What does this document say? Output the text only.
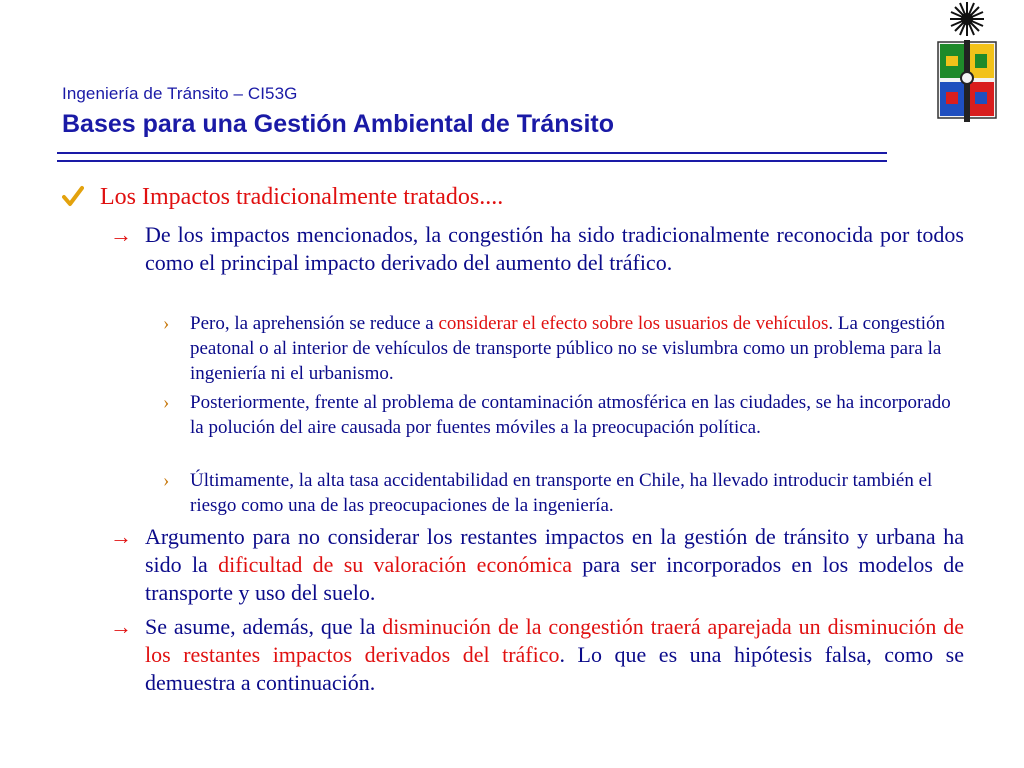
Ingeniería de Tránsito – CI53G
Bases para una Gestión Ambiental de Tránsito
Los Impactos tradicionalmente tratados....
→ De los impactos mencionados, la congestión ha sido tradicionalmente reconocida por todos como el principal impacto derivado del aumento del tráfico.
› Pero, la aprehensión se reduce a considerar el efecto sobre los usuarios de vehículos. La congestión peatonal o al interior de vehículos de transporte público no se vislumbra como un problema para la ingeniería ni el urbanismo.
› Posteriormente, frente al problema de contaminación atmosférica en las ciudades, se ha incorporado la polución del aire causada por fuentes móviles a la preocupación política.
› Últimamente, la alta tasa accidentabilidad en transporte en Chile, ha llevado introducir también el riesgo como una de las preocupaciones de la ingeniería.
→ Argumento para no considerar los restantes impactos en la gestión de tránsito y urbana ha sido la dificultad de su valoración económica para ser incorporados en los modelos de transporte y uso del suelo.
→ Se asume, además, que la disminución de la congestión traerá aparejada un disminución de los restantes impactos derivados del tráfico. Lo que es una hipótesis falsa, como se demuestra a continuación.
